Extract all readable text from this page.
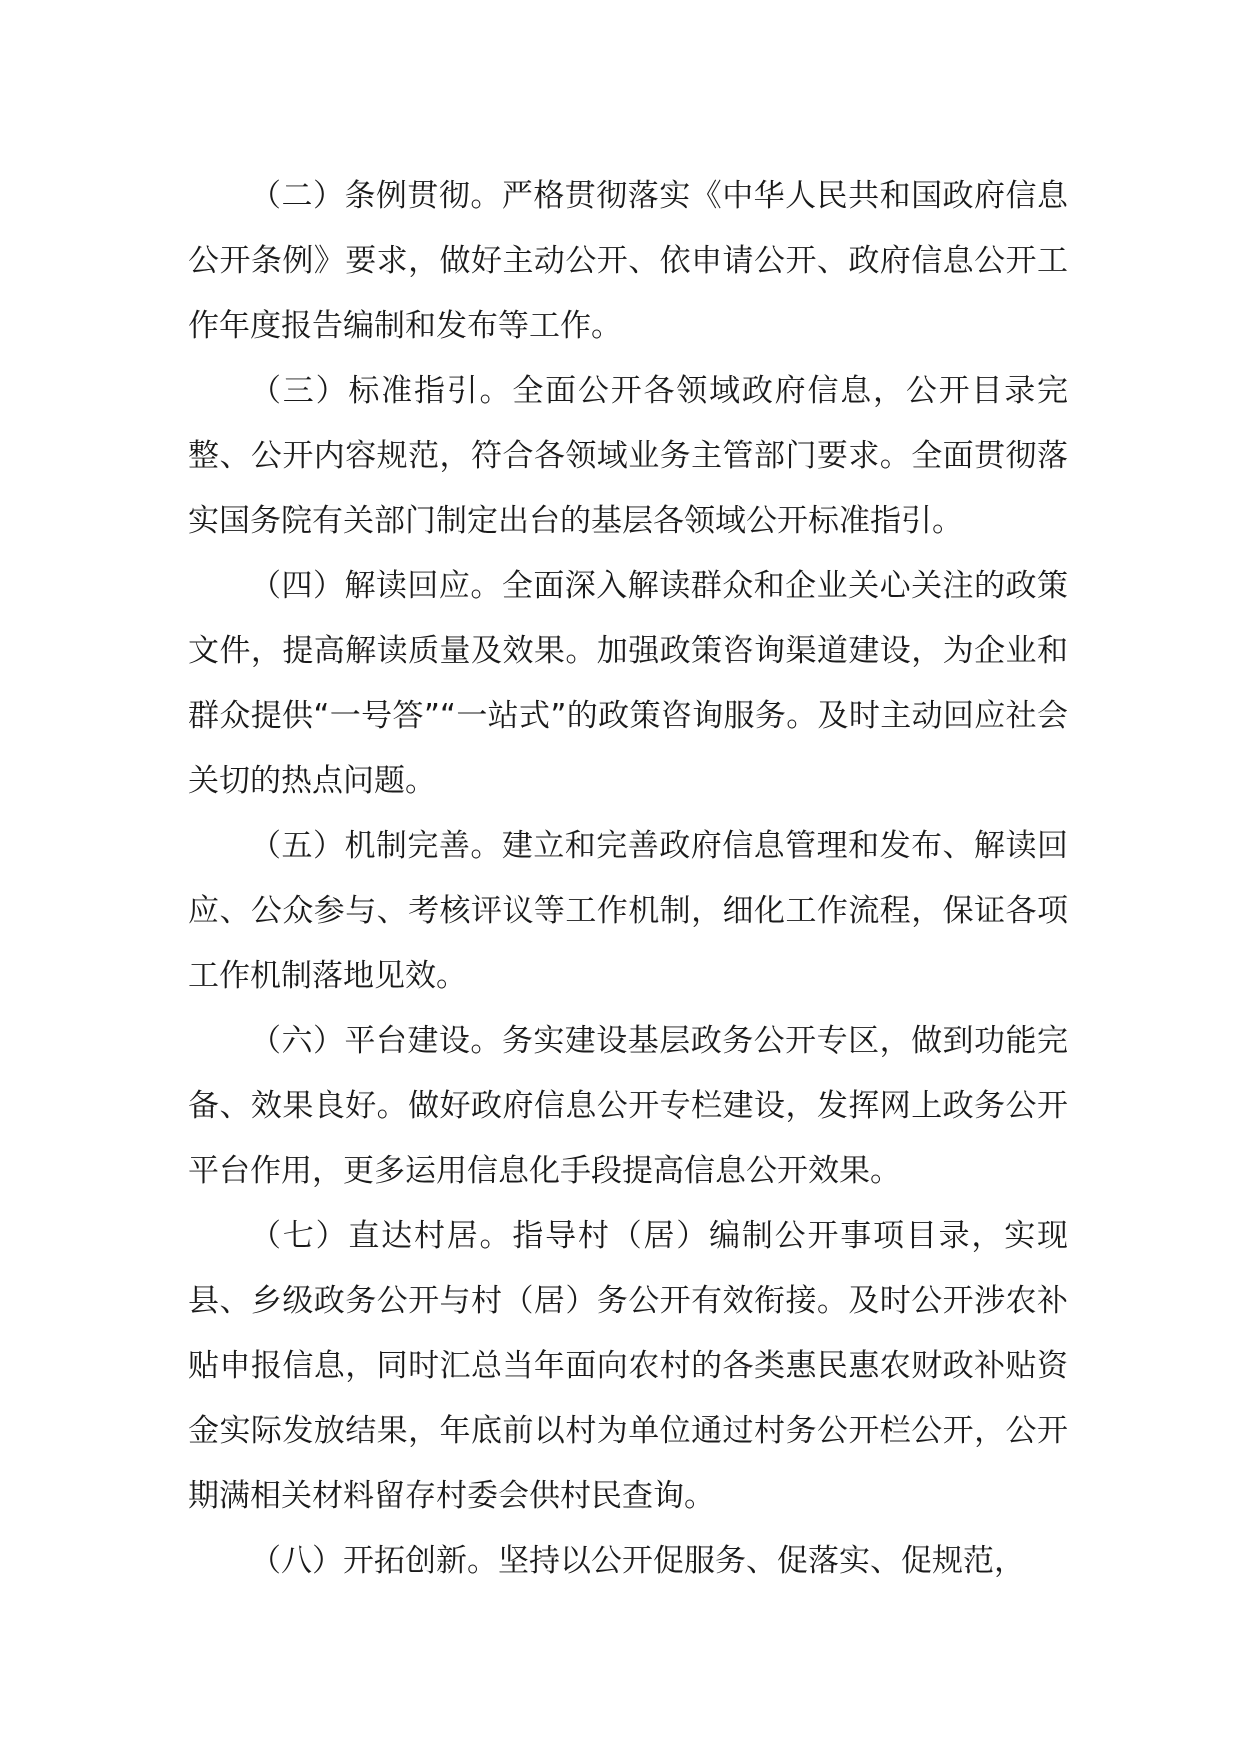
（二）条例贯彻。严格贯彻落实《中华人民共和国政府信息公开条例》要求，做好主动公开、依申请公开、政府信息公开工作年度报告编制和发布等工作。

（三）标准指引。全面公开各领域政府信息，公开目录完整、公开内容规范，符合各领域业务主管部门要求。全面贯彻落实国务院有关部门制定出台的基层各领域公开标准指引。

（四）解读回应。全面深入解读群众和企业关心关注的政策文件，提高解读质量及效果。加强政策咨询渠道建设，为企业和群众提供“一号答”“一站式”的政策咨询服务。及时主动回应社会关切的热点问题。

（五）机制完善。建立和完善政府信息管理和发布、解读回应、公众参与、考核评议等工作机制，细化工作流程，保证各项工作机制落地见效。

（六）平台建设。务实建设基层政务公开专区，做到功能完备、效果良好。做好政府信息公开专栏建设，发挥网上政务公开平台作用，更多运用信息化手段提高信息公开效果。

（七）直达村居。指导村（居）编制公开事项目录，实现县、乡级政务公开与村（居）务公开有效衔接。及时公开涉农补贴申报信息，同时汇总当年面向农村的各类惠民惠农财政补贴资金实际发放结果，年底前以村为单位通过村务公开栏公开，公开期满相关材料留存村委会供村民查询。

（八）开拓创新。坚持以公开促服务、促落实、促规范，
